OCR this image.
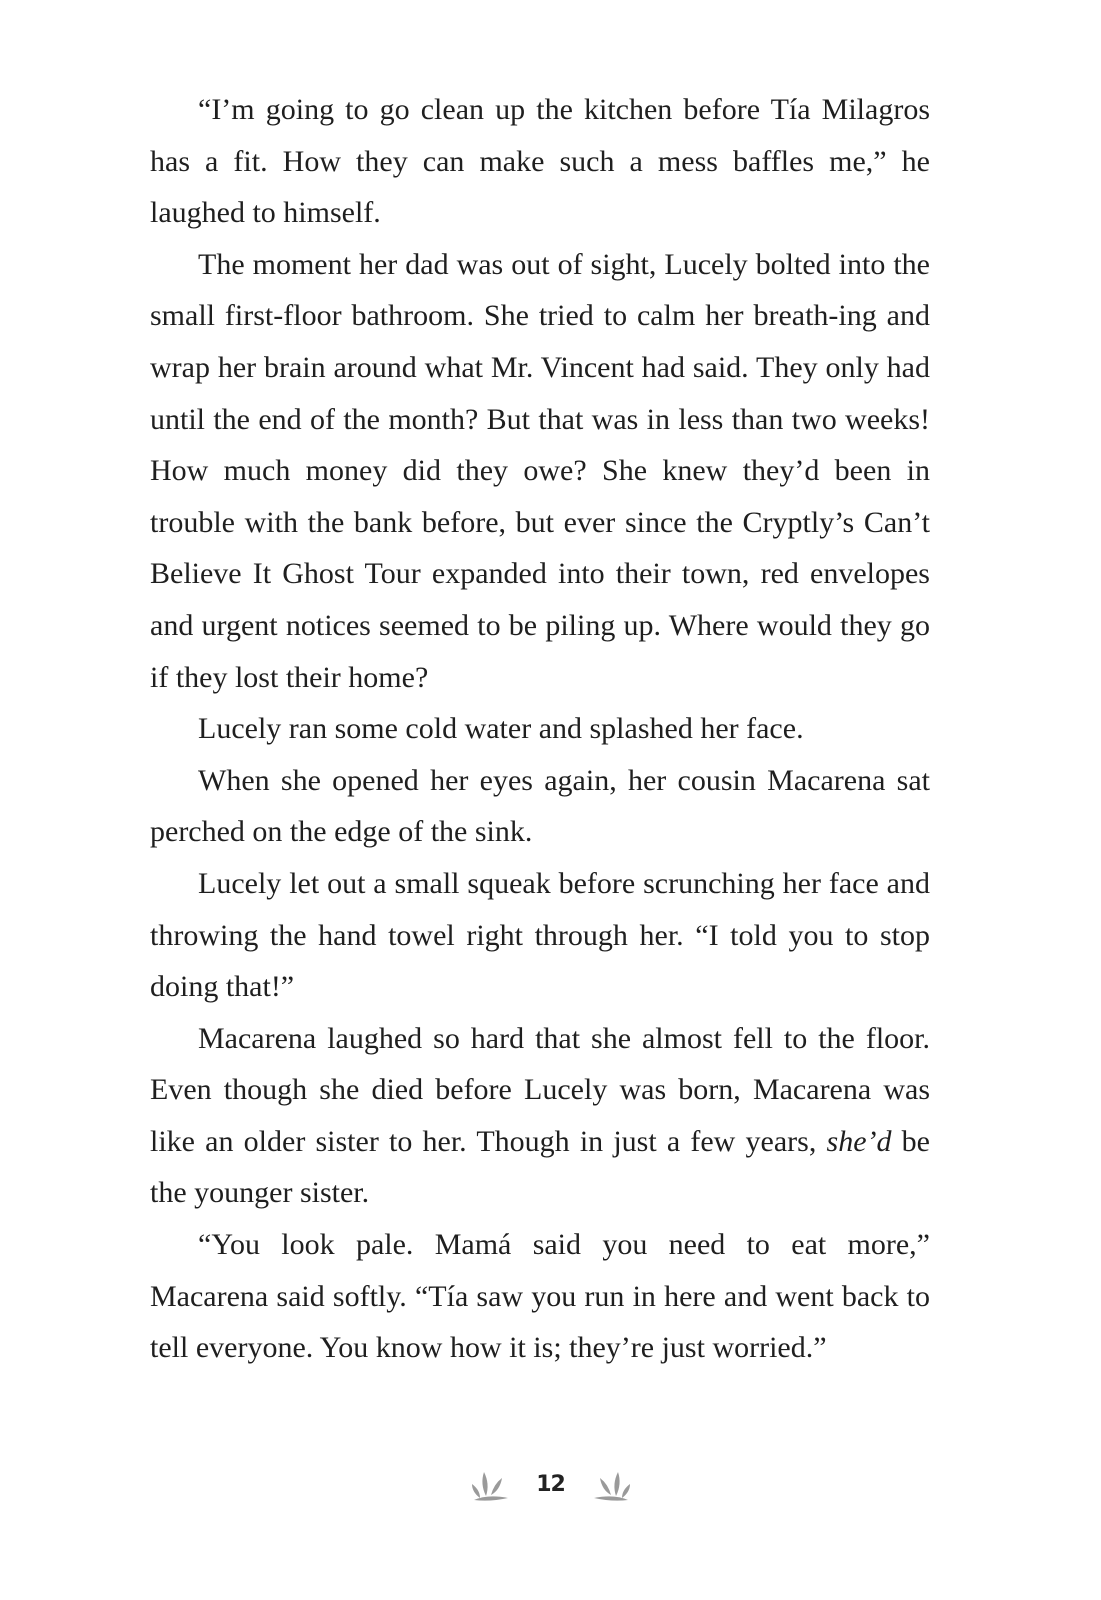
“I’m going to go clean up the kitchen before Tía Milagros has a fit. How they can make such a mess baffles me,” he laughed to himself.

The moment her dad was out of sight, Lucely bolted into the small first-floor bathroom. She tried to calm her breath-ing and wrap her brain around what Mr. Vincent had said. They only had until the end of the month? But that was in less than two weeks! How much money did they owe? She knew they’d been in trouble with the bank before, but ever since the Cryptly’s Can’t Believe It Ghost Tour expanded into their town, red envelopes and urgent notices seemed to be piling up. Where would they go if they lost their home?

Lucely ran some cold water and splashed her face.

When she opened her eyes again, her cousin Macarena sat perched on the edge of the sink.

Lucely let out a small squeak before scrunching her face and throwing the hand towel right through her. “I told you to stop doing that!”

Macarena laughed so hard that she almost fell to the floor. Even though she died before Lucely was born, Macarena was like an older sister to her. Though in just a few years, she’d be the younger sister.

“You look pale. Mamá said you need to eat more,” Macarena said softly. “Tía saw you run in here and went back to tell everyone. You know how it is; they’re just worried.”

12
